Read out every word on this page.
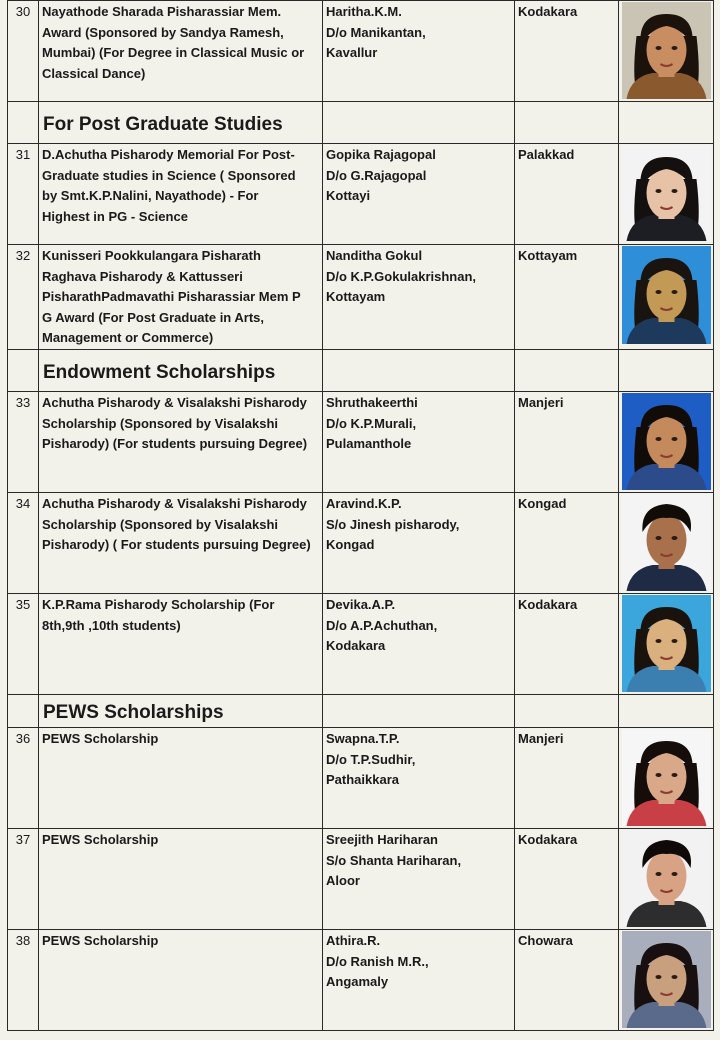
30	Nayathode Sharada Pisharassiar Mem.
Award (Sponsored by Sandya Ramesh,
Mumbai) (For Degree in Classical Music or
Classical Dance)	Haritha.K.M.
D/o Manikantan,
Kavallur	Kodakara	

	For Post Graduate Studies			
31	D.Achutha Pisharody Memorial For Post-
Graduate studies in Science ( Sponsored
by Smt.K.P.Nalini, Nayathode) - For
Highest in PG - Science	Gopika Rajagopal
D/o G.Rajagopal
Kottayi	Palakkad	

32	Kunisseri Pookkulangara Pisharath
Raghava Pisharody & Kattusseri
PisharathPadmavathi Pisharassiar Mem P
G Award (For Post Graduate in Arts,
Management or Commerce)	Nanditha Gokul
D/o K.P.Gokulakrishnan,
Kottayam	Kottayam	

	Endowment Scholarships			
33	Achutha Pisharody & Visalakshi Pisharody
Scholarship (Sponsored by Visalakshi
Pisharody) (For students pursuing Degree)	Shruthakeerthi
D/o K.P.Murali,
Pulamanthole	Manjeri	

34	Achutha Pisharody & Visalakshi Pisharody
Scholarship (Sponsored by Visalakshi
Pisharody) ( For students pursuing Degree)	Aravind.K.P.
S/o Jinesh pisharody,
Kongad	Kongad	

35	K.P.Rama Pisharody Scholarship (For
8th,9th ,10th students)	Devika.A.P.
D/o A.P.Achuthan,
Kodakara	Kodakara	

	PEWS Scholarships			
36	PEWS Scholarship	Swapna.T.P.
D/o T.P.Sudhir,
Pathaikkara	Manjeri	

37	PEWS Scholarship	Sreejith Hariharan
S/o Shanta Hariharan,
Aloor	Kodakara	

38	PEWS Scholarship	Athira.R.
D/o Ranish M.R.,
Angamaly	Chowara	
